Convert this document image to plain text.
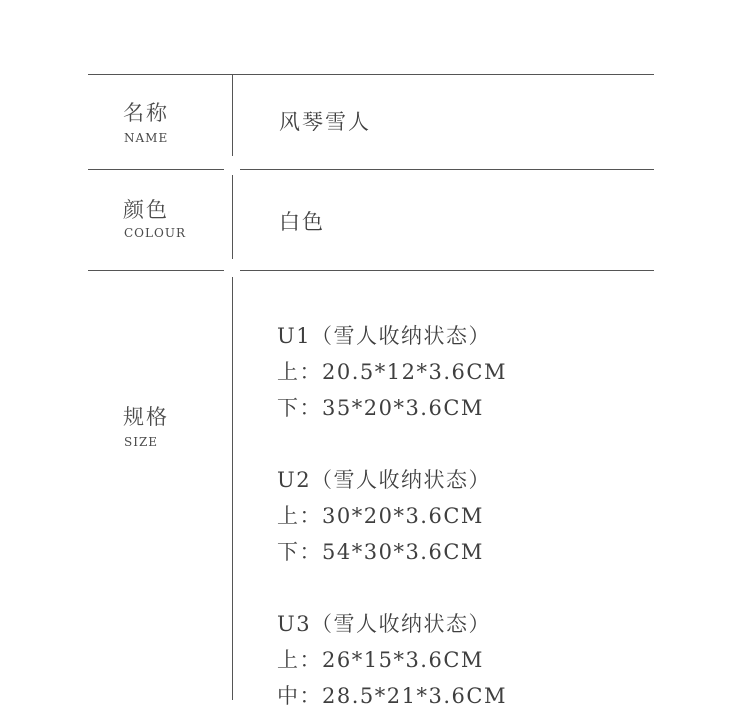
名称
NAME
风琴雪人
颜色
COLOUR	白色
规格
SIZE
U1（雪人收纳状态）
上：20.5*12*3.6CM
下：35*20*3.6CM
U2（雪人收纳状态）
上：30*20*3.6CM
下：54*30*3.6CM
U3（雪人收纳状态）
上：26*15*3.6CM
中：28.5*21*3.6CM
